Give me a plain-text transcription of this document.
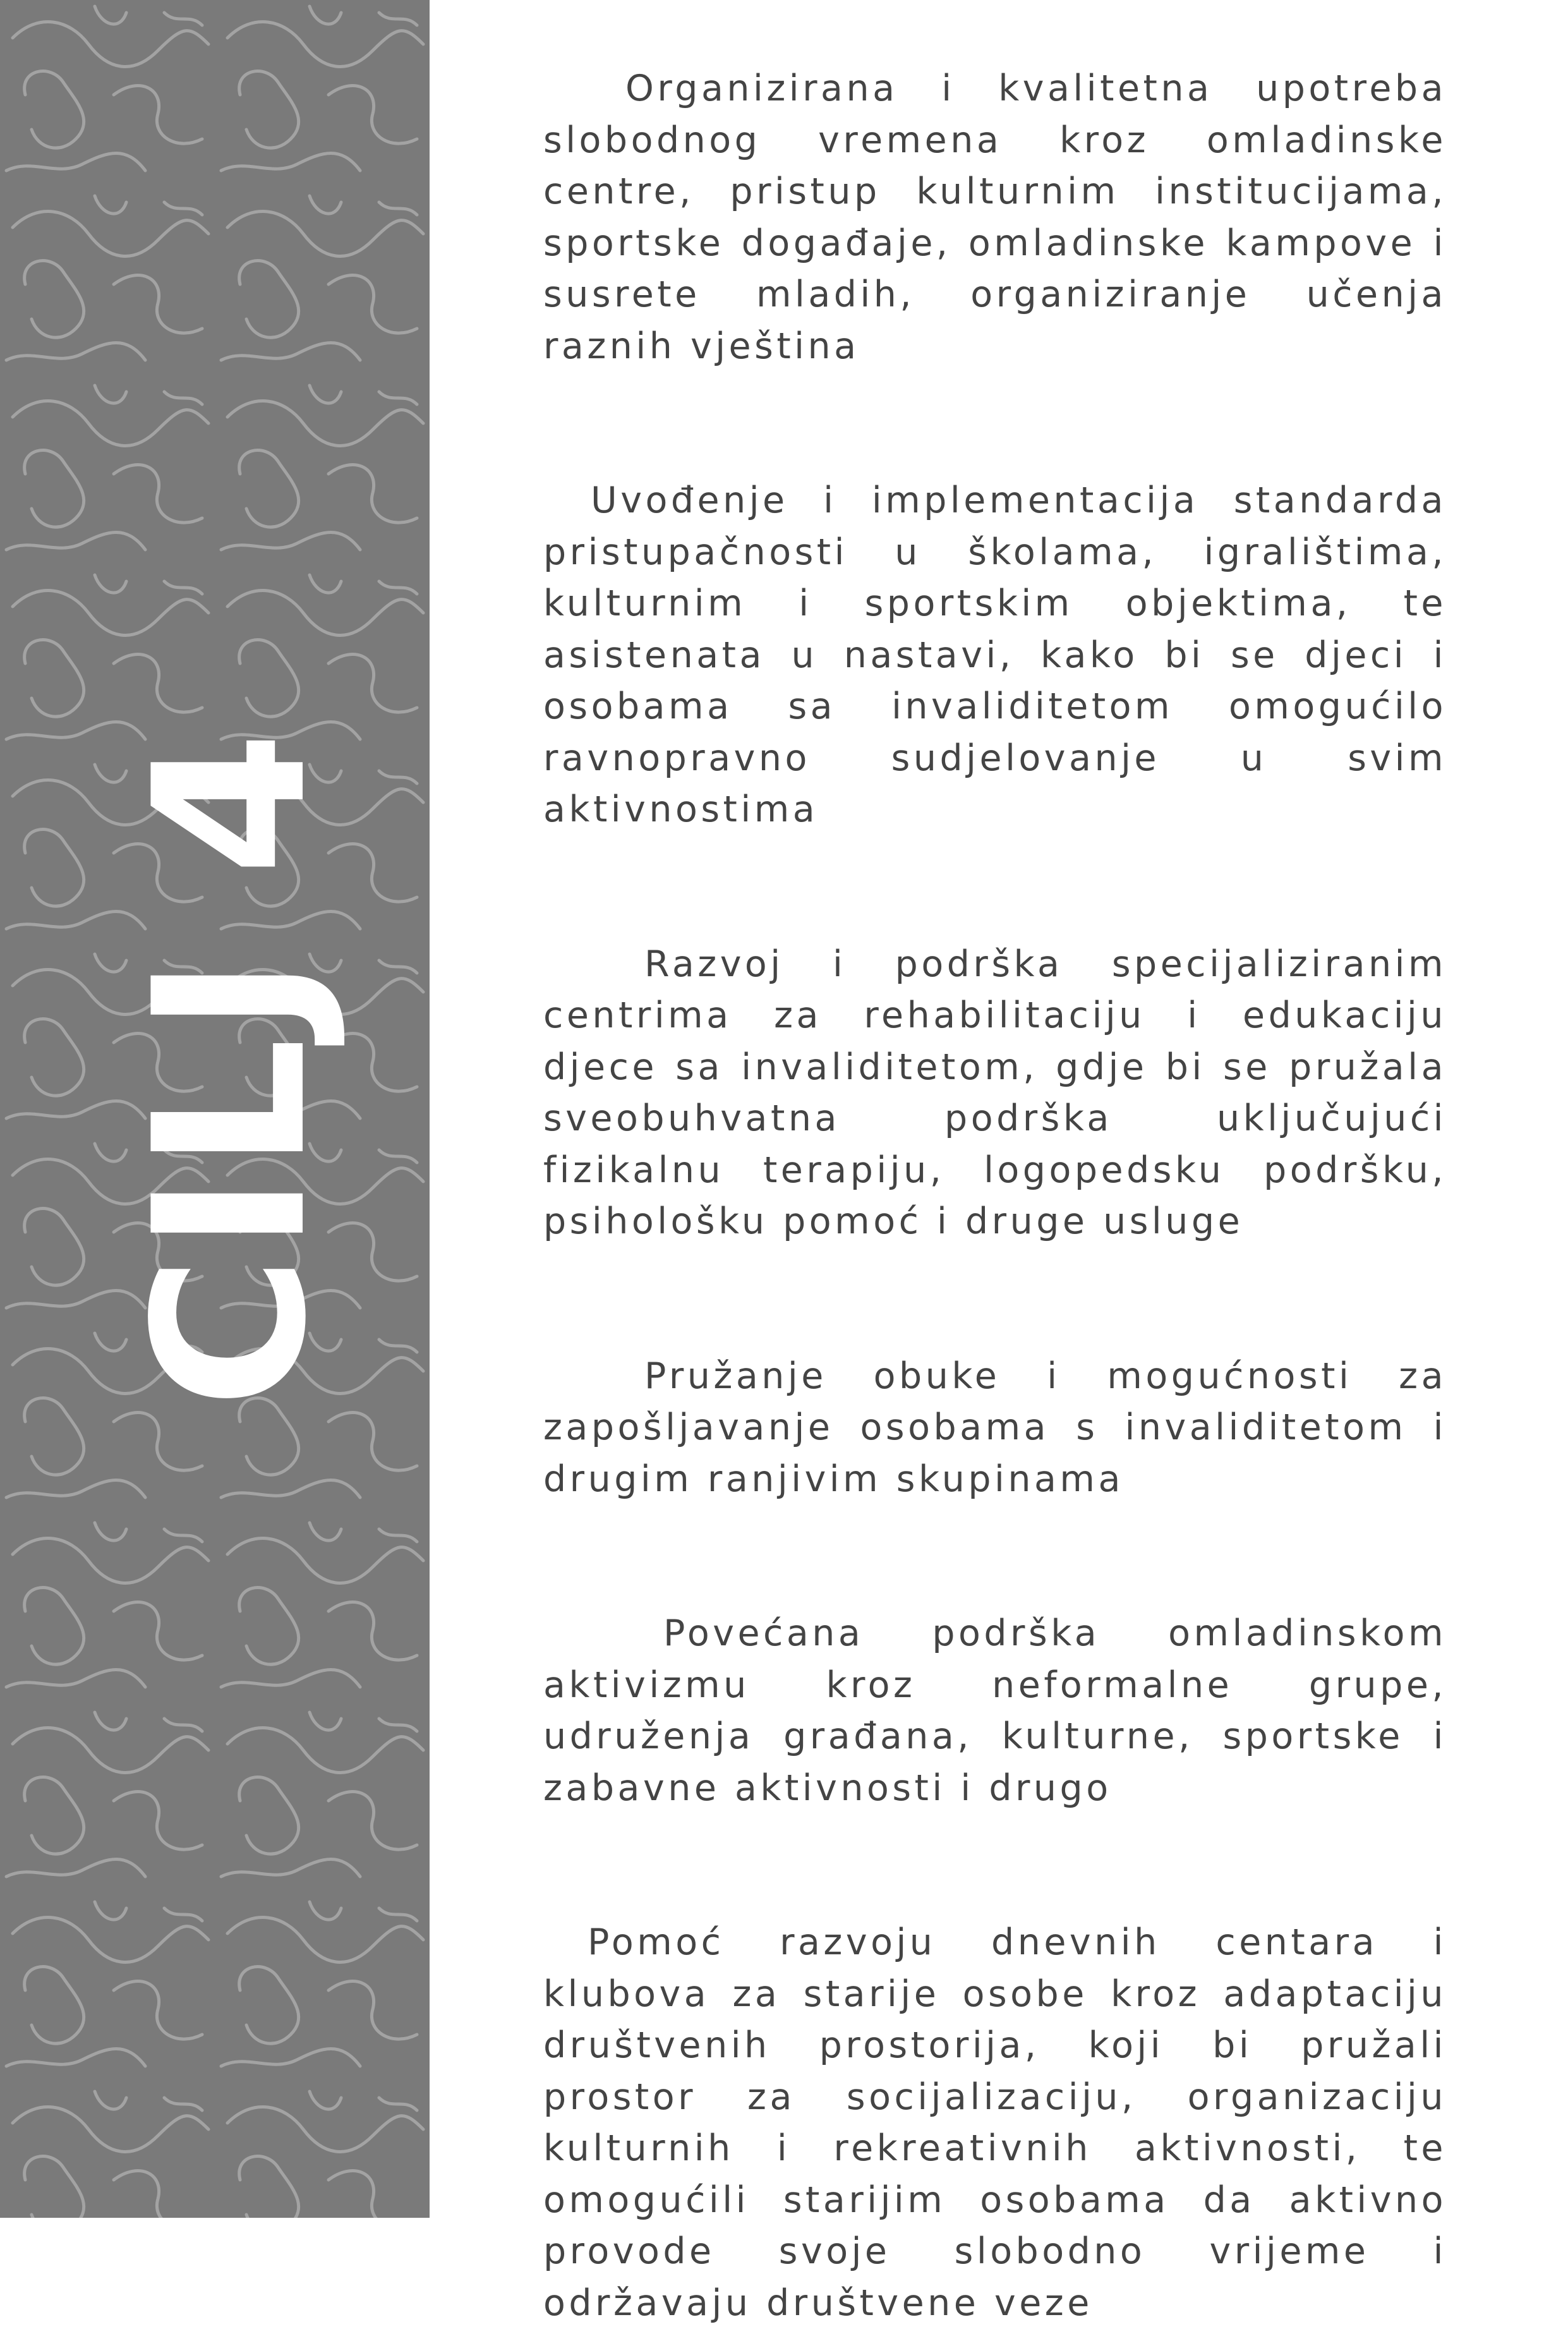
CILJ 4

Organizirana i kvalitetna upotreba slobodnog vremena kroz omladinske centre, pristup kulturnim institucijama, sportske događaje, omladinske kampove i susrete mladih, organiziranje učenja raznih vještina

Uvođenje i implementacija standarda pristupačnosti u školama, igralištima, kulturnim i sportskim objektima, te asistenata u nastavi, kako bi se djeci i osobama sa invaliditetom omogućilo ravnopravno sudjelovanje u svim aktivnostima

Razvoj i podrška specijaliziranim centrima za rehabilitaciju i edukaciju djece sa invaliditetom, gdje bi se pružala sveobuhvatna podrška uključujući fizikalnu terapiju, logopedsku podršku, psihološku pomoć i druge usluge

Pružanje obuke i mogućnosti za zapošljavanje osobama s invaliditetom i drugim ranjivim skupinama

Povećana podrška omladinskom aktivizmu kroz neformalne grupe, udruženja građana, kulturne, sportske i zabavne aktivnosti i drugo

Pomoć razvoju dnevnih centara i klubova za starije osobe kroz adaptaciju društvenih prostorija, koji bi pružali prostor za socijalizaciju, organizaciju kulturnih i rekreativnih aktivnosti, te omogućili starijim osobama da aktivno provode svoje slobodno vrijeme i održavaju društvene veze
